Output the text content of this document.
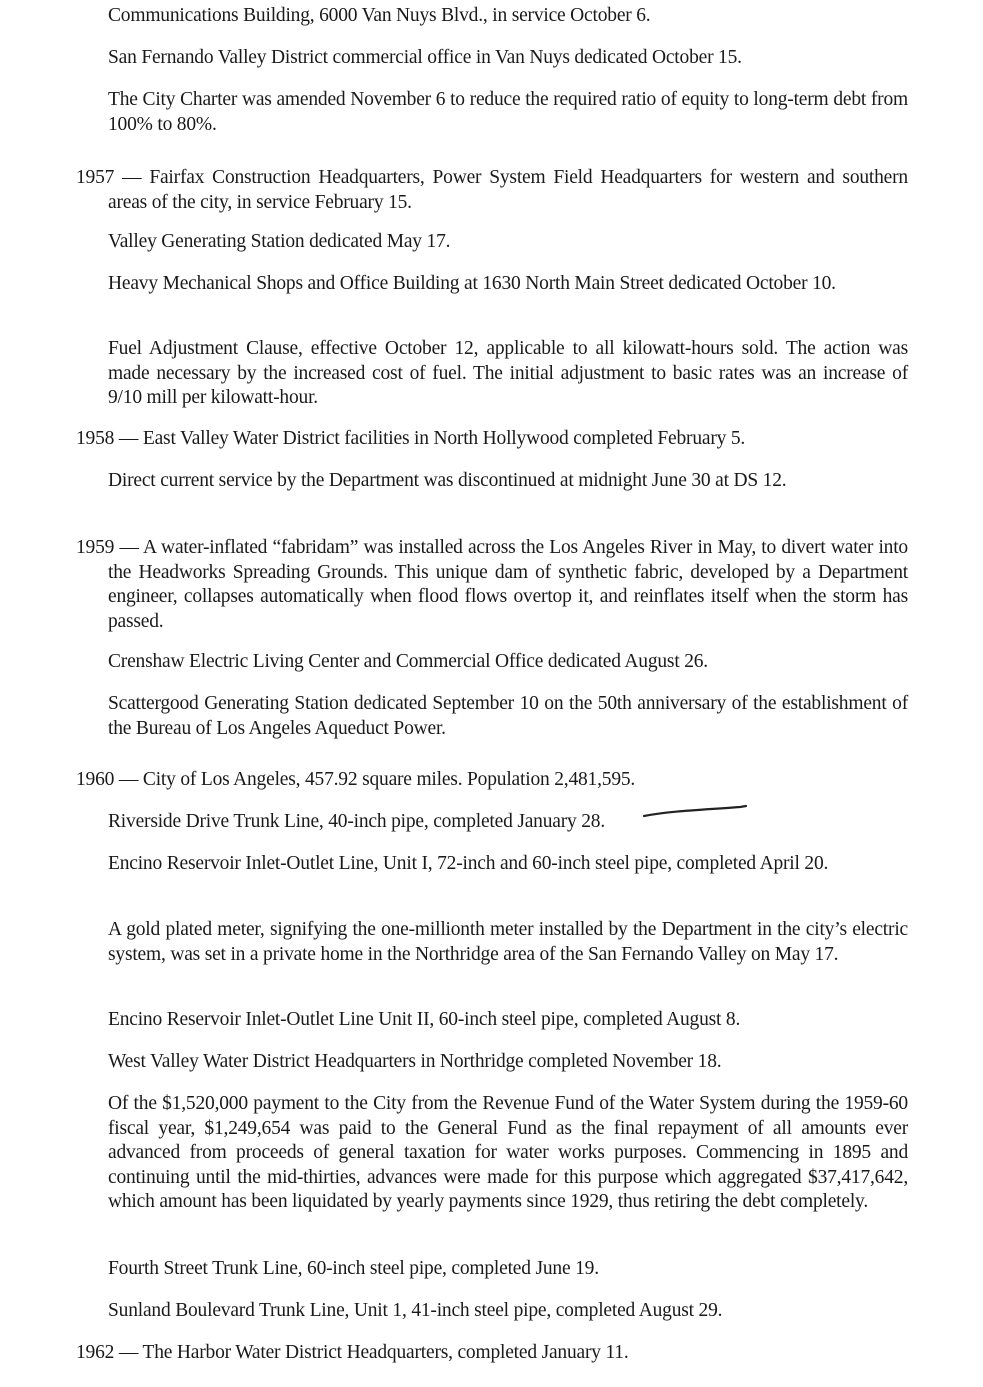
Communications Building, 6000 Van Nuys Blvd., in service October 6.

San Fernando Valley District commercial office in Van Nuys dedicated October 15.

The City Charter was amended November 6 to reduce the required ratio of equity to long-term debt from 100% to 80%.

1957 — Fairfax Construction Headquarters, Power System Field Headquarters for western and southern areas of the city, in service February 15.

Valley Generating Station dedicated May 17.

Heavy Mechanical Shops and Office Building at 1630 North Main Street dedicated October 10.

Fuel Adjustment Clause, effective October 12, applicable to all kilowatt-hours sold. The action was made necessary by the increased cost of fuel. The initial adjustment to basic rates was an increase of 9/10 mill per kilowatt-hour.

1958 — East Valley Water District facilities in North Hollywood completed February 5.

Direct current service by the Department was discontinued at midnight June 30 at DS 12.

1959 — A water-inflated “fabridam” was installed across the Los Angeles River in May, to divert water into the Headworks Spreading Grounds. This unique dam of synthetic fabric, developed by a Department engineer, collapses automatically when flood flows overtop it, and reinflates itself when the storm has passed.

Crenshaw Electric Living Center and Commercial Office dedicated August 26.

Scattergood Generating Station dedicated September 10 on the 50th anniversary of the establishment of the Bureau of Los Angeles Aqueduct Power.

1960 — City of Los Angeles, 457.92 square miles. Population 2,481,595.

Riverside Drive Trunk Line, 40-inch pipe, completed January 28.

Encino Reservoir Inlet-Outlet Line, Unit I, 72-inch and 60-inch steel pipe, completed April 20.

A gold plated meter, signifying the one-millionth meter installed by the Department in the city’s electric system, was set in a private home in the Northridge area of the San Fernando Valley on May 17.

Encino Reservoir Inlet-Outlet Line Unit II, 60-inch steel pipe, completed August 8.

West Valley Water District Headquarters in Northridge completed November 18.

Of the $1,520,000 payment to the City from the Revenue Fund of the Water System during the 1959-60 fiscal year, $1,249,654 was paid to the General Fund as the final repayment of all amounts ever advanced from proceeds of general taxation for water works purposes. Commencing in 1895 and continuing until the mid-thirties, advances were made for this purpose which aggregated $37,417,642, which amount has been liquidated by yearly payments since 1929, thus retiring the debt completely.

Fourth Street Trunk Line, 60-inch steel pipe, completed June 19.

Sunland Boulevard Trunk Line, Unit 1, 41-inch steel pipe, completed August 29.

1962 — The Harbor Water District Headquarters, completed January 11.
